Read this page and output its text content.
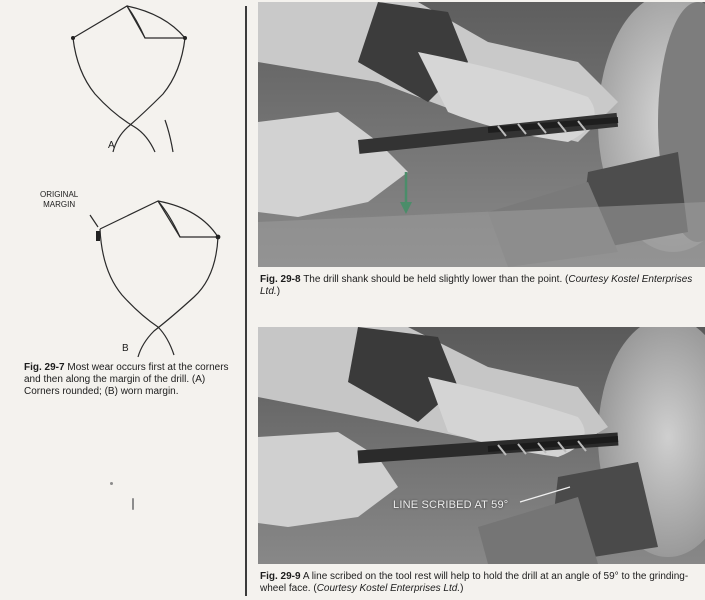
A
ORIGINAL
MARGIN
B
Fig. 29-7 Most wear occurs first at the corners and then along the margin of the drill. (A) Corners rounded; (B) worn margin.
Fig. 29-8 The drill shank should be held slightly lower than the point. (Courtesy Kostel Enterprises Ltd.)
LINE SCRIBED AT 59°
Fig. 29-9 A line scribed on the tool rest will help to hold the drill at an angle of 59° to the grinding-wheel face. (Courtesy Kostel Enterprises Ltd.)
